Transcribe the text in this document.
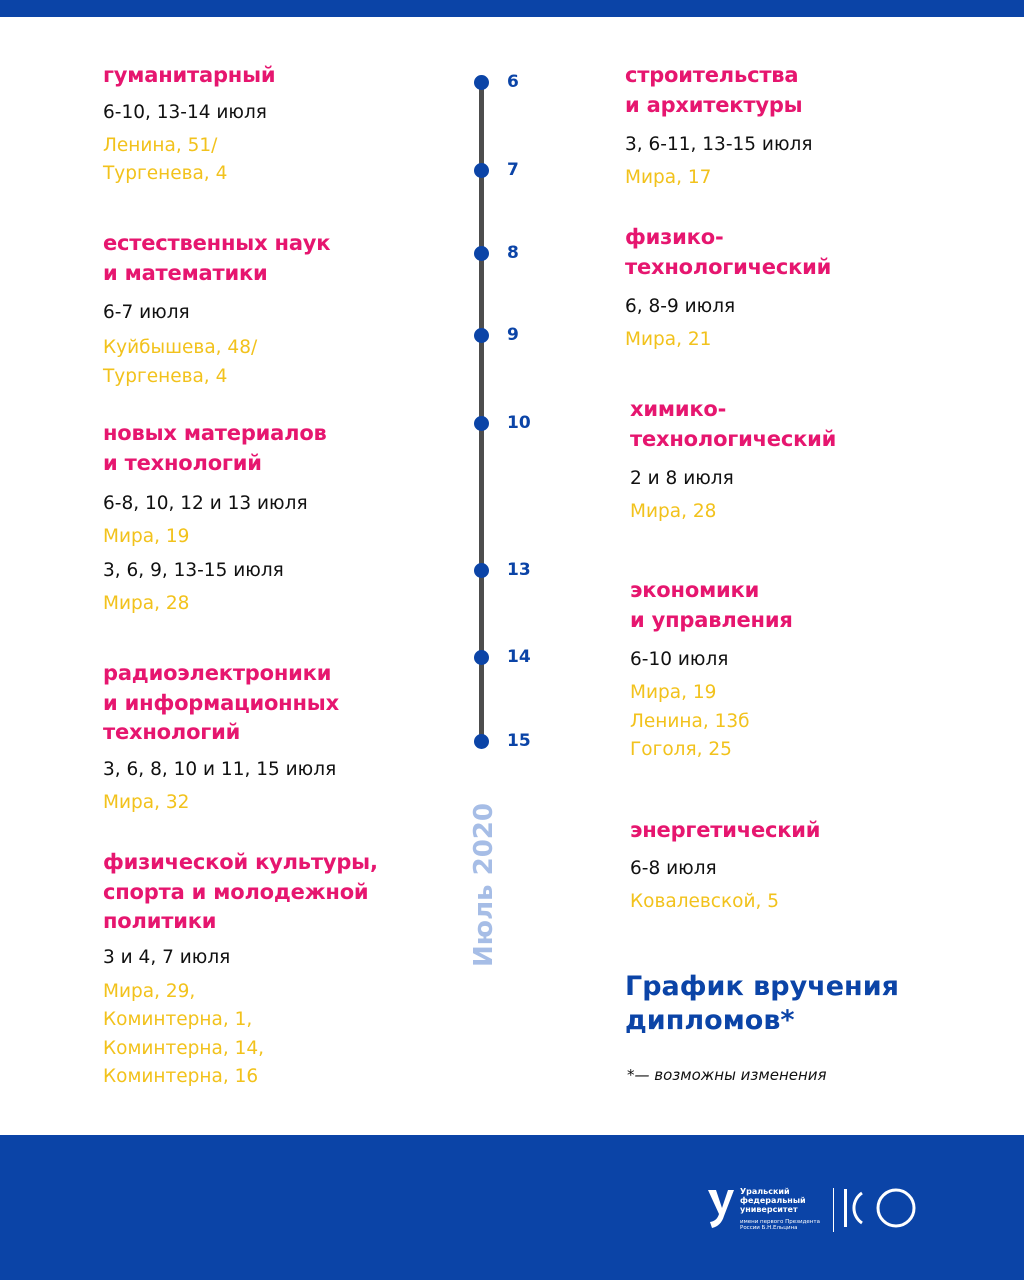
гуманитарный
6-10, 13-14 июля
Ленина, 51/
Тургенева, 4
естественных наук
и математики
6-7 июля
Куйбышева, 48/
Тургенева, 4
новых материалов
и технологий
6-8, 10, 12 и 13 июля
Мира, 19
3, 6, 9, 13-15 июля
Мира, 28
радиоэлектроники
и информационных
технологий
3, 6, 8, 10 и 11, 15 июля
Мира, 32
физической культуры,
спорта и молодежной
политики
3 и 4, 7 июля
Мира, 29,
Коминтерна, 1,
Коминтерна, 14,
Коминтерна, 16
6
7
8
9
10
13
14
15
Июль 2020
строительства
и архитектуры
3, 6-11, 13-15 июля
Мира, 17
физико-
технологический
6, 8-9 июля
Мира, 21
химико-
технологический
2 и 8 июля
Мира, 28
экономики
и управления
6-10 июля
Мира, 19
Ленина, 13б
Гоголя, 25
энергетический
6-8 июля
Ковалевской, 5
График вручения
дипломов*
*— возможны изменения
Уральский
федеральный
университет
имени первого Президента
России Б.Н.Ельцина
